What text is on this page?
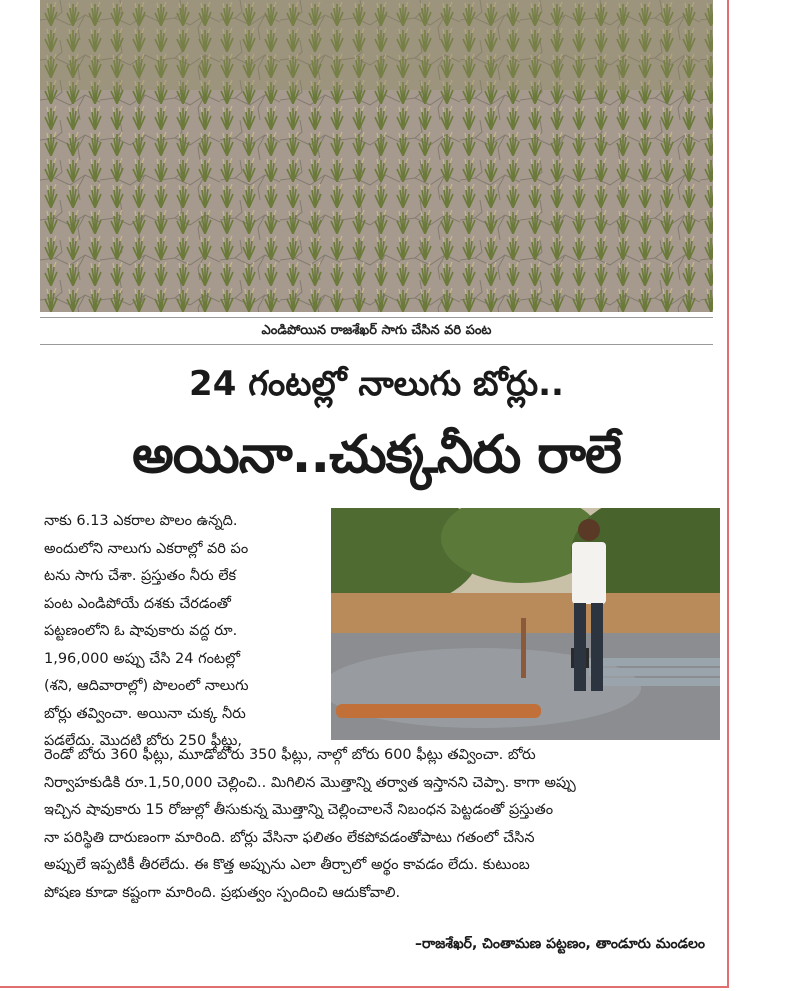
ఎండిపోయిన రాజశేఖర్ సాగు చేసిన వరి పంట
24 గంటల్లో నాలుగు బోర్లు..
అయినా..చుక్కనీరు రాలే
నాకు 6.13 ఎకరాల పొలం ఉన్నది.
అందులోని నాలుగు ఎకరాల్లో వరి పం
టను సాగు చేశా. ప్రస్తుతం నీరు లేక
పంట ఎండిపోయే దశకు చేరడంతో
పట్టణంలోని ఓ షావుకారు వద్ద రూ.
1,96,000 అప్పు చేసి 24 గంటల్లో
(శని, ఆదివారాల్లో) పొలంలో నాలుగు
బోర్లు తవ్వించా. అయినా చుక్క నీరు
పడలేదు. మొదటి బోరు 250 ఫీట్లు,
రెండో బోరు 360 ఫీట్లు, మూడోబోరు 350 ఫీట్లు, నాల్గో బోరు 600 ఫీట్లు తవ్వించా. బోరు
నిర్వాహకుడికి రూ.1,50,000 చెల్లించి.. మిగిలిన మొత్తాన్ని తర్వాత ఇస్తానని చెప్పా. కాగా అప్పు
ఇచ్చిన షావుకారు 15 రోజుల్లో తీసుకున్న మొత్తాన్ని చెల్లించాలనే నిబంధన పెట్టడంతో ప్రస్తుతం
నా పరిస్థితి దారుణంగా మారింది. బోర్లు వేసినా ఫలితం లేకపోవడంతోపాటు గతంలో చేసిన
అప్పులే ఇప్పటికీ తీరలేదు. ఈ కొత్త అప్పును ఎలా తీర్చాలో అర్థం కావడం లేదు. కుటుంబ
పోషణ కూడా కష్టంగా మారింది. ప్రభుత్వం స్పందించి ఆదుకోవాలి.
–రాజశేఖర్, చింతామణ పట్టణం, తాండూరు మండలం
